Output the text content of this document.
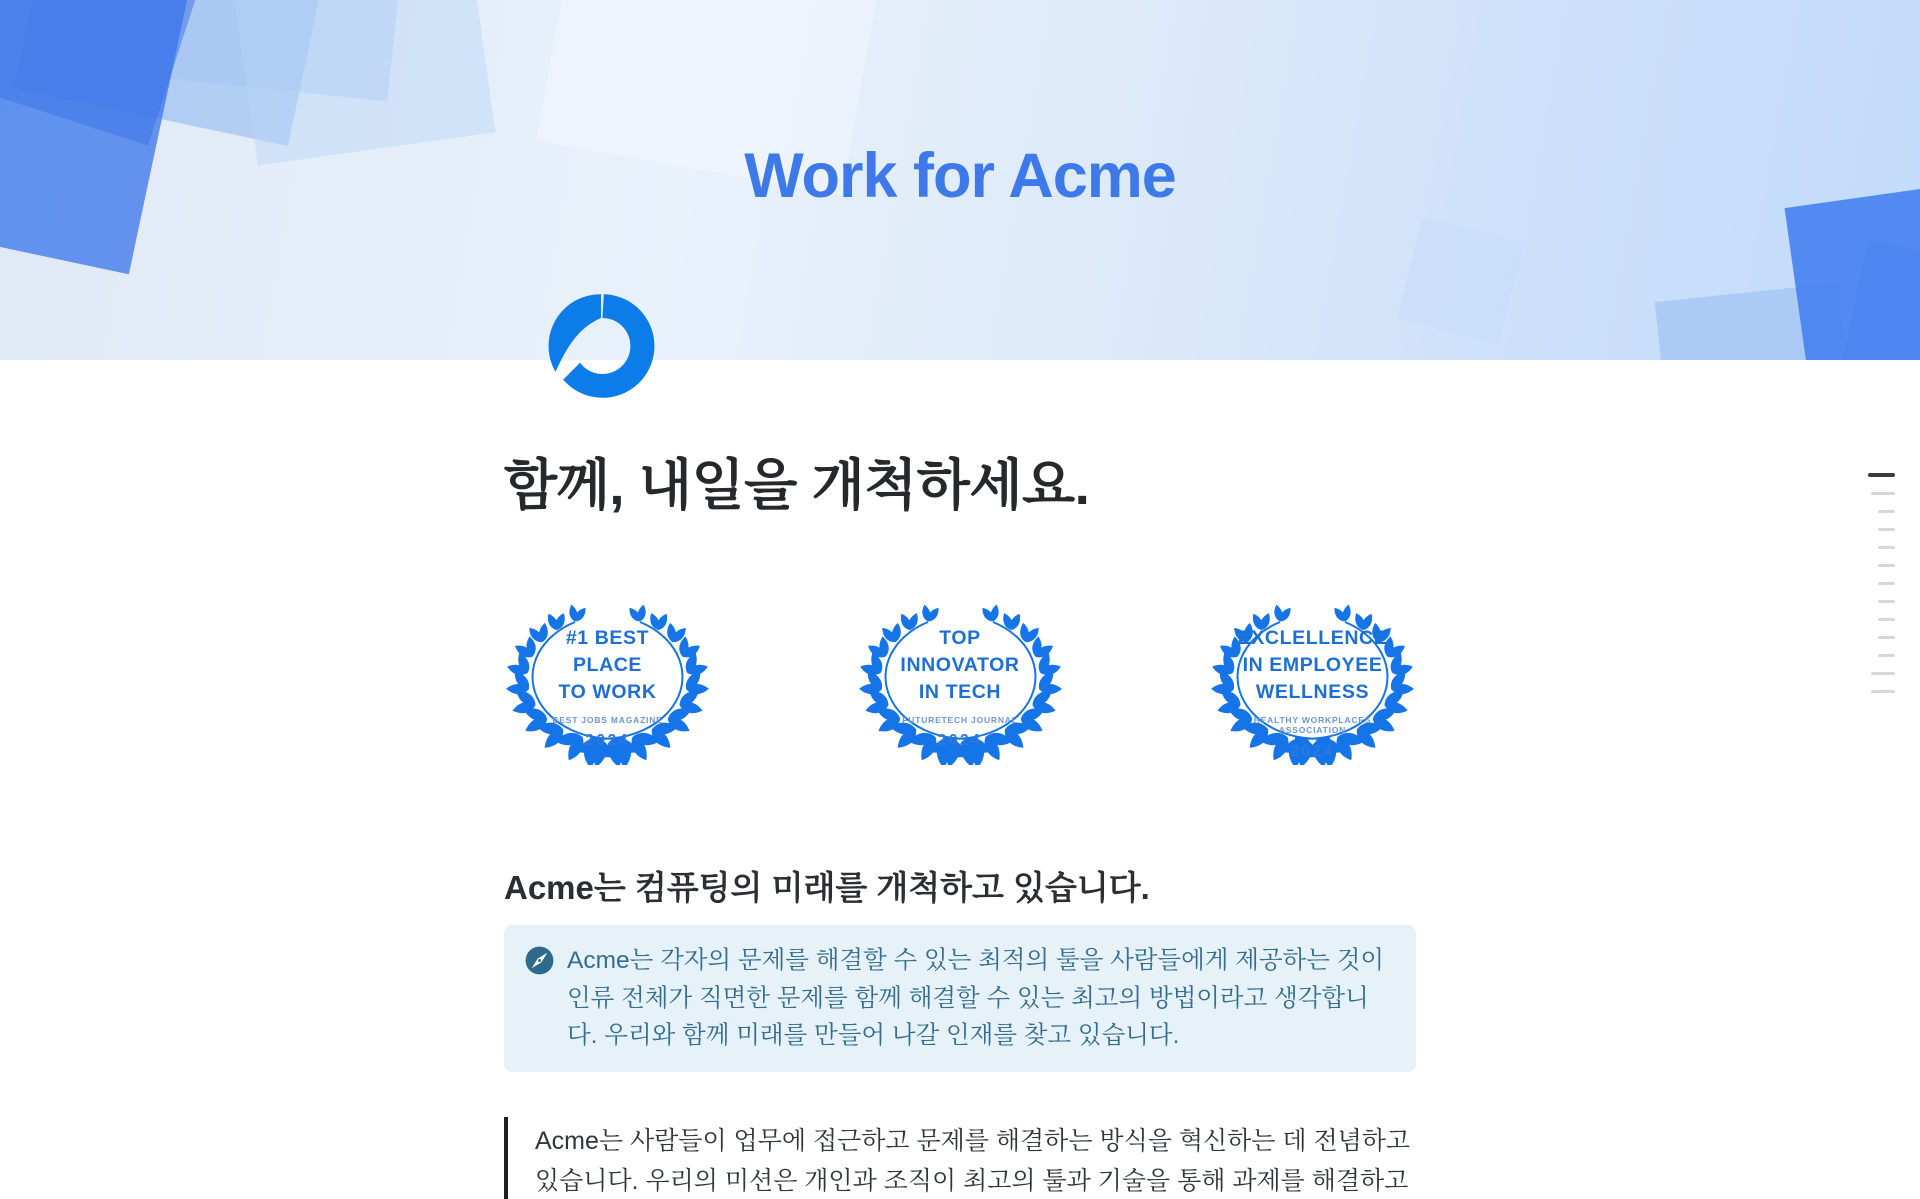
Work for Acme
함께, 내일을 개척하세요.
#1 BEST
PLACE
TO WORK
BEST JOBS MAGAZINE
2024
TOP
INNOVATOR
IN TECH
FUTURETECH JOURNAL
2024
EXCLELLENCE
IN EMPLOYEE
WELLNESS
HEALTHY WORKPLACES
ASSOCIATION
2024
Acme는 컴퓨팅의 미래를 개척하고 있습니다.
Acme는 각자의 문제를 해결할 수 있는 최적의 툴을 사람들에게 제공하는 것이 인류 전체가 직면한 문제를 함께 해결할 수 있는 최고의 방법이라고 생각합니다. 우리와 함께 미래를 만들어 나갈 인재를 찾고 있습니다.
Acme는 사람들이 업무에 접근하고 문제를 해결하는 방식을 혁신하는 데 전념하고 있습니다. 우리의 미션은 개인과 조직이 최고의 툴과 기술을 통해 과제를 해결하고
